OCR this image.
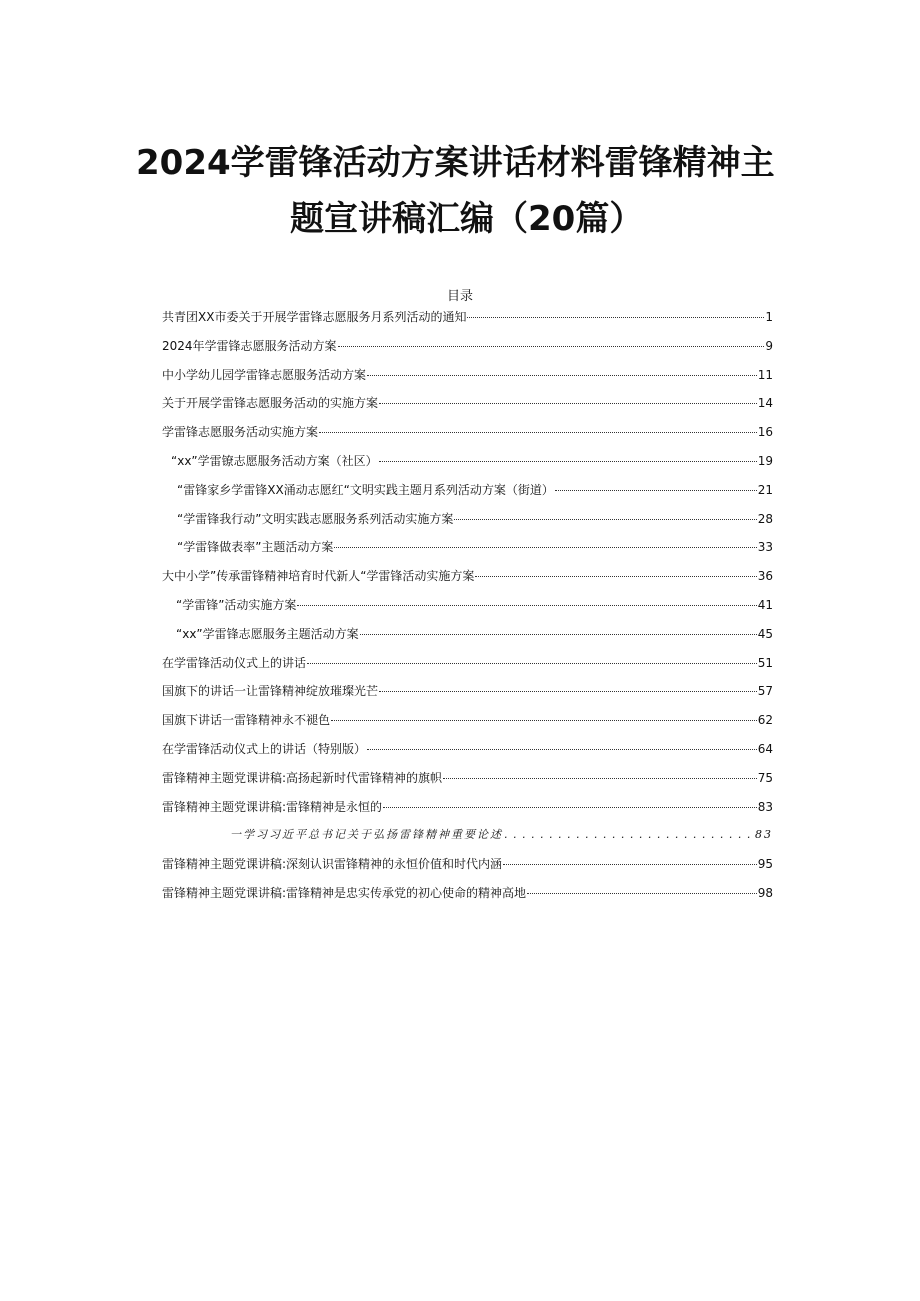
2024学雷锋活动方案讲话材料雷锋精神主
题宣讲稿汇编（20篇）
目录
共青团XX市委关于开展学雷锋志愿服务月系列活动的通知	1
2024年学雷锋志愿服务活动方案	9
中小学幼儿园学雷锋志愿服务活动方案	11
关于开展学雷锋志愿服务活动的实施方案	14
学雷锋志愿服务活动实施方案	16
“xx”学雷镣志愿服务活动方案（社区）	19
“雷锋家乡学雷锋XX涌动志愿红“文明实践主题月系列活动方案（街道）	21
“学雷锋我行动”文明实践志愿服务系列活动实施方案	28
“学雷锋做表率”主题活动方案	33
大中小学”传承雷锋精神培育时代新人“学雷锋活动实施方案	36
“学雷锋”活动实施方案	41
“xx”学雷锋志愿服务主题活动方案	45
在学雷锋活动仪式上的讲话	51
国旗下的讲话一让雷锋精神绽放璀璨光芒	57
国旗下讲话一雷锋精神永不褪色	62
在学雷锋活动仪式上的讲话（特别版）	64
雷锋精神主题党课讲稿:高扬起新时代雷锋精神的旗帜	75
雷锋精神主题党课讲稿:雷锋精神是永恒的	83
一学习习近平总书记关于弘扬雷锋精神重要论述 . . .	83
雷锋精神主题党课讲稿:深刻认识雷锋精神的永恒价值和时代内涵	95
雷锋精神主题党课讲稿:雷锋精神是忠实传承党的初心使命的精神高地	98
